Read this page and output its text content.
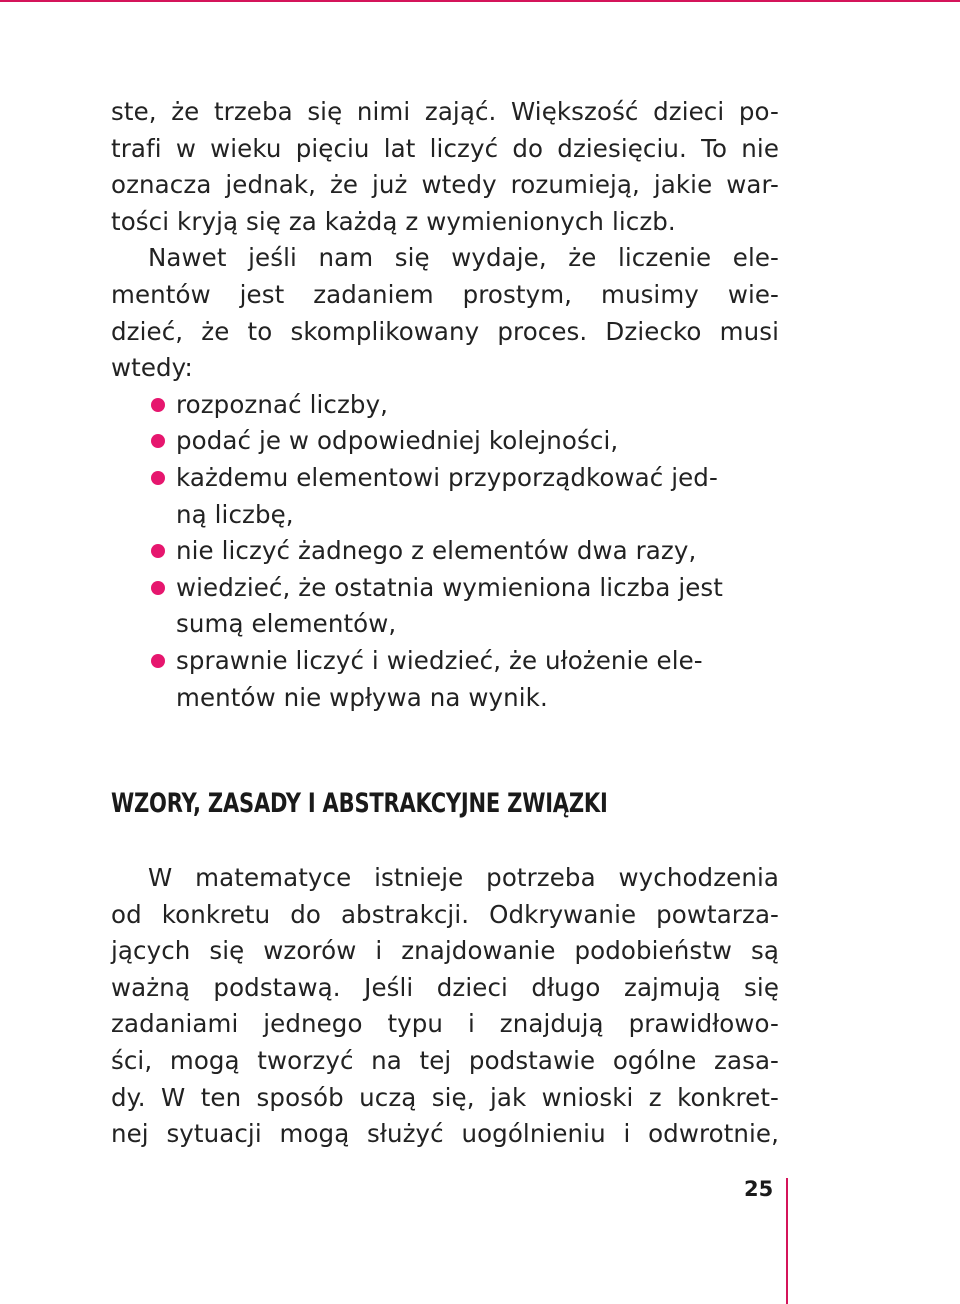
ste, że trzeba się nimi zająć. Większość dzieci po-
trafi w wieku pięciu lat liczyć do dziesięciu. To nie
oznacza jednak, że już wtedy rozumieją, jakie war-
tości kryją się za każdą z wymienionych liczb.
Nawet jeśli nam się wydaje, że liczenie ele-
mentów jest zadaniem prostym, musimy wie-
dzieć, że to skomplikowany proces. Dziecko musi
wtedy:
rozpoznać liczby,
podać je w odpowiedniej kolejności,
każdemu elementowi przyporządkować jed-
ną liczbę,
nie liczyć żadnego z elementów dwa razy,
wiedzieć, że ostatnia wymieniona liczba jest
sumą elementów,
sprawnie liczyć i wiedzieć, że ułożenie ele-
mentów nie wpływa na wynik.
WZORY, ZASADY I ABSTRAKCYJNE ZWIĄZKI
W matematyce istnieje potrzeba wychodzenia
od konkretu do abstrakcji. Odkrywanie powtarza-
jących się wzorów i znajdowanie podobieństw są
ważną podstawą. Jeśli dzieci długo zajmują się
zadaniami jednego typu i znajdują prawidłowo-
ści, mogą tworzyć na tej podstawie ogólne zasa-
dy. W ten sposób uczą się, jak wnioski z konkret-
nej sytuacji mogą służyć uogólnieniu i odwrotnie,
25
